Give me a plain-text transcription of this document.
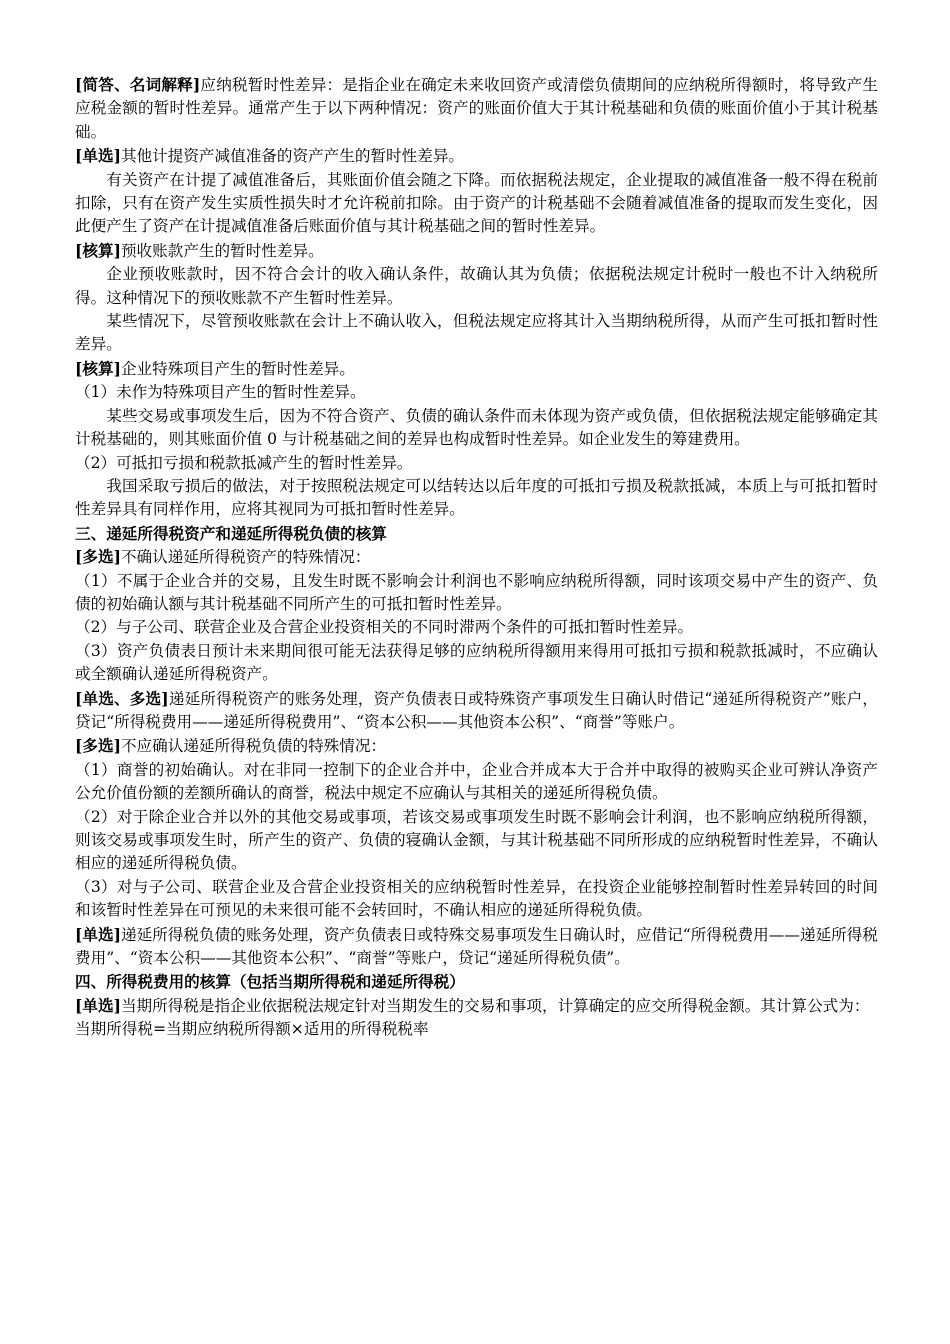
[简答、名词解释]应纳税暂时性差异：是指企业在确定未来收回资产或清偿负债期间的应纳税所得额时，将导致产生应税金额的暂时性差异。通常产生于以下两种情况：资产的账面价值大于其计税基础和负债的账面价值小于其计税基础。

[单选]其他计提资产减值准备的资产产生的暂时性差异。

有关资产在计提了减值准备后，其账面价值会随之下降。而依据税法规定，企业提取的减值准备一般不得在税前扣除，只有在资产发生实质性损失时才允许税前扣除。由于资产的计税基础不会随着减值准备的提取而发生变化，因此便产生了资产在计提减值准备后账面价值与其计税基础之间的暂时性差异。

[核算]预收账款产生的暂时性差异。

企业预收账款时，因不符合会计的收入确认条件，故确认其为负债；依据税法规定计税时一般也不计入纳税所得。这种情况下的预收账款不产生暂时性差异。

某些情况下，尽管预收账款在会计上不确认收入，但税法规定应将其计入当期纳税所得，从而产生可抵扣暂时性差异。

[核算]企业特殊项目产生的暂时性差异。

（1）未作为特殊项目产生的暂时性差异。

某些交易或事项发生后，因为不符合资产、负债的确认条件而未体现为资产或负债，但依据税法规定能够确定其计税基础的，则其账面价值 0 与计税基础之间的差异也构成暂时性差异。如企业发生的筹建费用。

（2）可抵扣亏损和税款抵减产生的暂时性差异。

我国采取亏损后的做法，对于按照税法规定可以结转达以后年度的可抵扣亏损及税款抵减，本质上与可抵扣暂时性差异具有同样作用，应将其视同为可抵扣暂时性差异。

三、递延所得税资产和递延所得税负债的核算

[多选]不确认递延所得税资产的特殊情况：

（1）不属于企业合并的交易，且发生时既不影响会计利润也不影响应纳税所得额，同时该项交易中产生的资产、负债的初始确认额与其计税基础不同所产生的可抵扣暂时性差异。

（2）与子公司、联营企业及合营企业投资相关的不同时滞两个条件的可抵扣暂时性差异。

（3）资产负债表日预计未来期间很可能无法获得足够的应纳税所得额用来得用可抵扣亏损和税款抵减时，不应确认或全额确认递延所得税资产。

[单选、多选]递延所得税资产的账务处理，资产负债表日或特殊资产事项发生日确认时借记“递延所得税资产”账户，贷记“所得税费用——递延所得税费用”、“资本公积——其他资本公积”、“商誉”等账户。

[多选]不应确认递延所得税负债的特殊情况：

（1）商誉的初始确认。对在非同一控制下的企业合并中，企业合并成本大于合并中取得的被购买企业可辨认净资产公允价值份额的差额所确认的商誉，税法中规定不应确认与其相关的递延所得税负债。

（2）对于除企业合并以外的其他交易或事项，若该交易或事项发生时既不影响会计利润，也不影响应纳税所得额，则该交易或事项发生时，所产生的资产、负债的寝确认金额，与其计税基础不同所形成的应纳税暂时性差异，不确认相应的递延所得税负债。

（3）对与子公司、联营企业及合营企业投资相关的应纳税暂时性差异，在投资企业能够控制暂时性差异转回的时间和该暂时性差异在可预见的未来很可能不会转回时，不确认相应的递延所得税负债。

[单选]递延所得税负债的账务处理，资产负债表日或特殊交易事项发生日确认时，应借记“所得税费用——递延所得税费用”、“资本公积——其他资本公积”、“商誉”等账户，贷记“递延所得税负债”。

四、所得税费用的核算（包括当期所得税和递延所得税）

[单选]当期所得税是指企业依据税法规定针对当期发生的交易和事项，计算确定的应交所得税金额。其计算公式为：

当期所得税=当期应纳税所得额×适用的所得税税率
